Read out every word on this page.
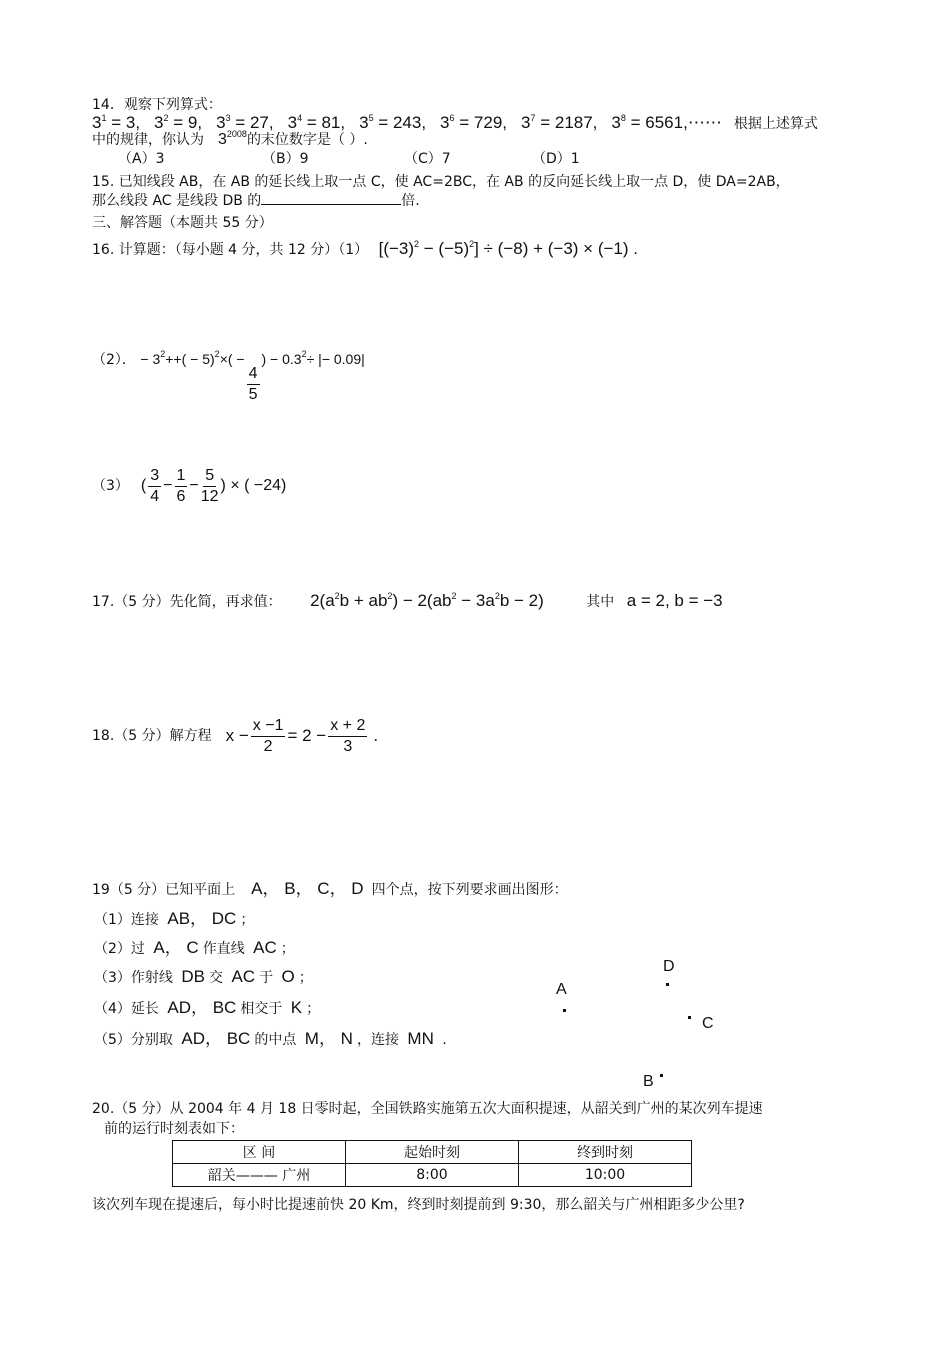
14．观察下列算式：
$3^1 = 3$, $3^2 = 9$, $3^3 = 27$, $3^4 = 81$, $3^5 = 243$, $3^6 = 729$, $3^7 = 2187$, $3^8$ = 6561,⋯⋯ 根据上述算式
中的规律，你认为 $3^{2008}$的末位数字是（ ）.
（A）3	（B）9	（C）7	（D）1
15. 已知线段 AB，在 AB 的延长线上取一点 C，使 AC=2BC，在 AB 的反向延长线上取一点 D，使 DA=2AB，
那么线段 AC 是线段 DB 的	倍.
三、解答题（本题共 55 分）
16. 计算题：（每小题 4 分，共 12 分）（1） $[(-3)^2 - (-5)^2] \div (-8) + (-3) \times (-1)$ .
（2）． − $3^2++( - 5)^2\times$( −
$\frac{4}{5}$
) − $0.3^2\div$ |− 0.09|
（3） ( $\frac{3}{4} - \frac{1}{6} - \frac{5}{12}$ ) × ( −24)
17.（5 分）先化简，再求值： $2(a^2b + ab^2) - 2(ab^2 - 3a^2b - 2)$	其中 a = 2, b = −3
18.（5 分）解方程 $x - \frac{x -1}{2} = 2 - \frac{x + 2}{3}$ .
19（5 分）已知平面上 A， B， C， D 四个点，按下列要求画出图形：
（1）连接 AB， DC ；
（2）过 A， C 作直线 AC ；
（3）作射线 DB 交 AC 于 O ；
（4）延长 AD， BC 相交于 K ；
（5）分别取 AD， BC 的中点 M， N ，连接 MN .
D
A
C
B
20.（5 分）从 2004 年 4 月 18 日零时起，全国铁路实施第五次大面积提速，从韶关到广州的某次列车提速
前的运行时刻表如下：
区 间	起始时刻	终到时刻
韶关——— 广州	8:00	10:00
该次列车现在提速后，每小时比提速前快 20 Km，终到时刻提前到 9:30，那么韶关与广州相距多少公里?
